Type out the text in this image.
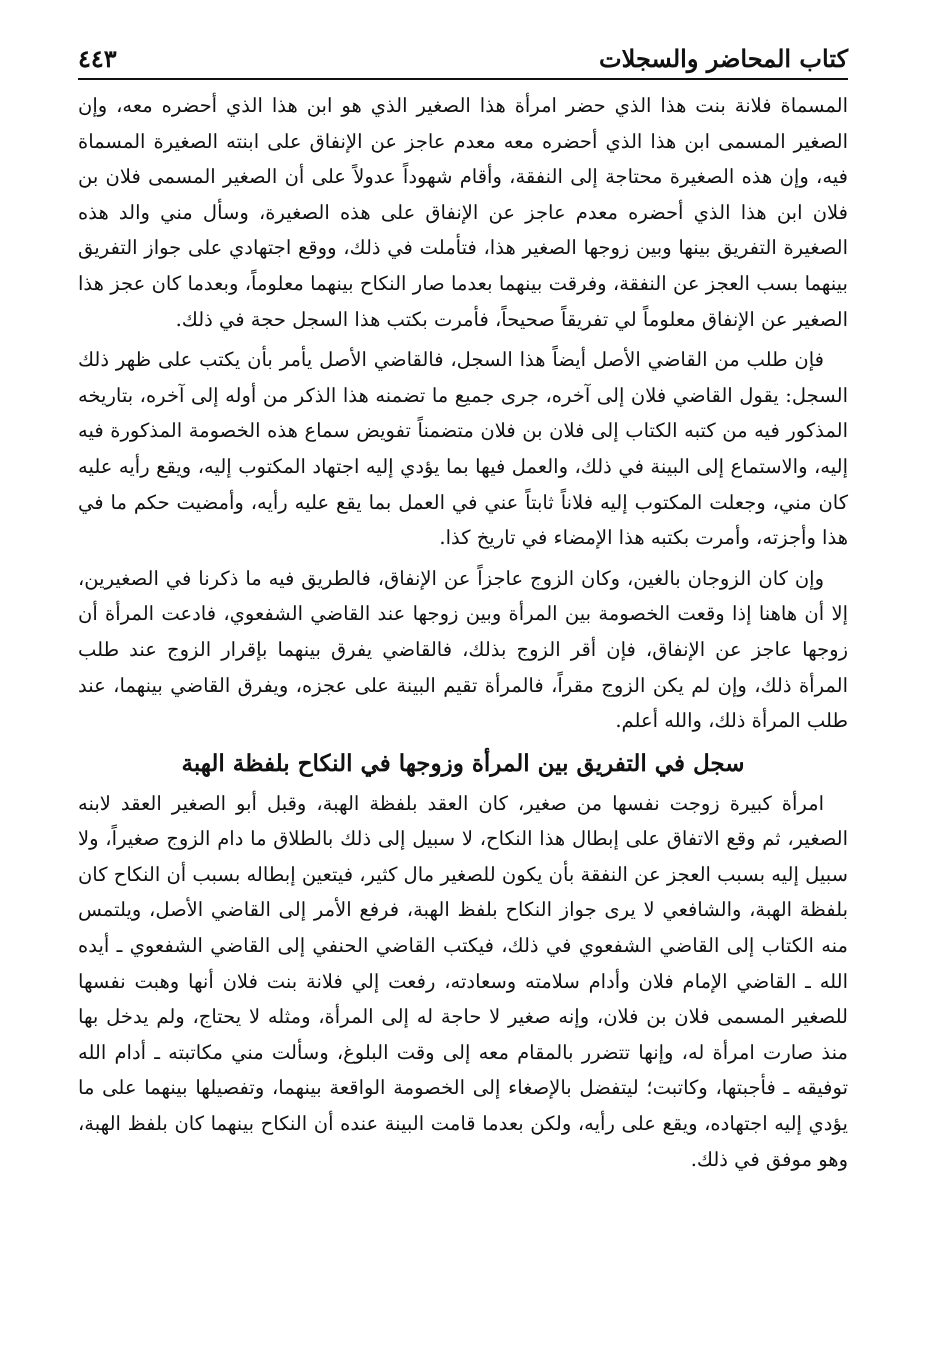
كتاب المحاضر والسجلات
٤٤٣

المسماة فلانة بنت هذا الذي حضر امرأة هذا الصغير الذي هو ابن هذا الذي أحضره معه، وإن الصغير المسمى ابن هذا الذي أحضره معه معدم عاجز عن الإنفاق على ابنته الصغيرة المسماة فيه، وإن هذه الصغيرة محتاجة إلى النفقة، وأقام شهوداً عدولاً على أن الصغير المسمى فلان بن فلان ابن هذا الذي أحضره معدم عاجز عن الإنفاق على هذه الصغيرة، وسأل مني والد هذه الصغيرة التفريق بينها وبين زوجها الصغير هذا، فتأملت في ذلك، ووقع اجتهادي على جواز التفريق بينهما بسب العجز عن النفقة، وفرقت بينهما بعدما صار النكاح بينهما معلوماً، وبعدما كان عجز هذا الصغير عن الإنفاق معلوماً لي تفريقاً صحيحاً، فأمرت بكتب هذا السجل حجة في ذلك.

فإن طلب من القاضي الأصل أيضاً هذا السجل، فالقاضي الأصل يأمر بأن يكتب على ظهر ذلك السجل: يقول القاضي فلان إلى آخره، جرى جميع ما تضمنه هذا الذكر من أوله إلى آخره، بتاريخه المذكور فيه من كتبه الكتاب إلى فلان بن فلان متضمناً تفويض سماع هذه الخصومة المذكورة فيه إليه، والاستماع إلى البينة في ذلك، والعمل فيها بما يؤدي إليه اجتهاد المكتوب إليه، ويقع رأيه عليه كان مني، وجعلت المكتوب إليه فلاناً ثابتاً عني في العمل بما يقع عليه رأيه، وأمضيت حكم ما في هذا وأجزته، وأمرت بكتبه هذا الإمضاء في تاريخ كذا.

وإن كان الزوجان بالغين، وكان الزوج عاجزاً عن الإنفاق، فالطريق فيه ما ذكرنا في الصغيرين، إلا أن هاهنا إذا وقعت الخصومة بين المرأة وبين زوجها عند القاضي الشفعوي، فادعت المرأة أن زوجها عاجز عن الإنفاق، فإن أقر الزوج بذلك، فالقاضي يفرق بينهما بإقرار الزوج عند طلب المرأة ذلك، وإن لم يكن الزوج مقراً، فالمرأة تقيم البينة على عجزه، ويفرق القاضي بينهما، عند طلب المرأة ذلك، والله أعلم.

سجل في التفريق بين المرأة وزوجها في النكاح بلفظة الهبة

امرأة كبيرة زوجت نفسها من صغير، كان العقد بلفظة الهبة، وقبل أبو الصغير العقد لابنه الصغير، ثم وقع الاتفاق على إبطال هذا النكاح، لا سبيل إلى ذلك بالطلاق ما دام الزوج صغيراً، ولا سبيل إليه بسبب العجز عن النفقة بأن يكون للصغير مال كثير، فيتعين إبطاله بسبب أن النكاح كان بلفظة الهبة، والشافعي لا يرى جواز النكاح بلفظ الهبة، فرفع الأمر إلى القاضي الأصل، ويلتمس منه الكتاب إلى القاضي الشفعوي في ذلك، فيكتب القاضي الحنفي إلى القاضي الشفعوي ـ أيده الله ـ القاضي الإمام فلان وأدام سلامته وسعادته، رفعت إلي فلانة بنت فلان أنها وهبت نفسها للصغير المسمى فلان بن فلان، وإنه صغير لا حاجة له إلى المرأة، ومثله لا يحتاج، ولم يدخل بها منذ صارت امرأة له، وإنها تتضرر بالمقام معه إلى وقت البلوغ، وسألت مني مكاتبته ـ أدام الله توفيقه ـ فأجبتها، وكاتبت؛ ليتفضل بالإصغاء إلى الخصومة الواقعة بينهما، وتفصيلها بينهما على ما يؤدي إليه اجتهاده، ويقع على رأيه، ولكن بعدما قامت البينة عنده أن النكاح بينهما كان بلفظ الهبة، وهو موفق في ذلك.
